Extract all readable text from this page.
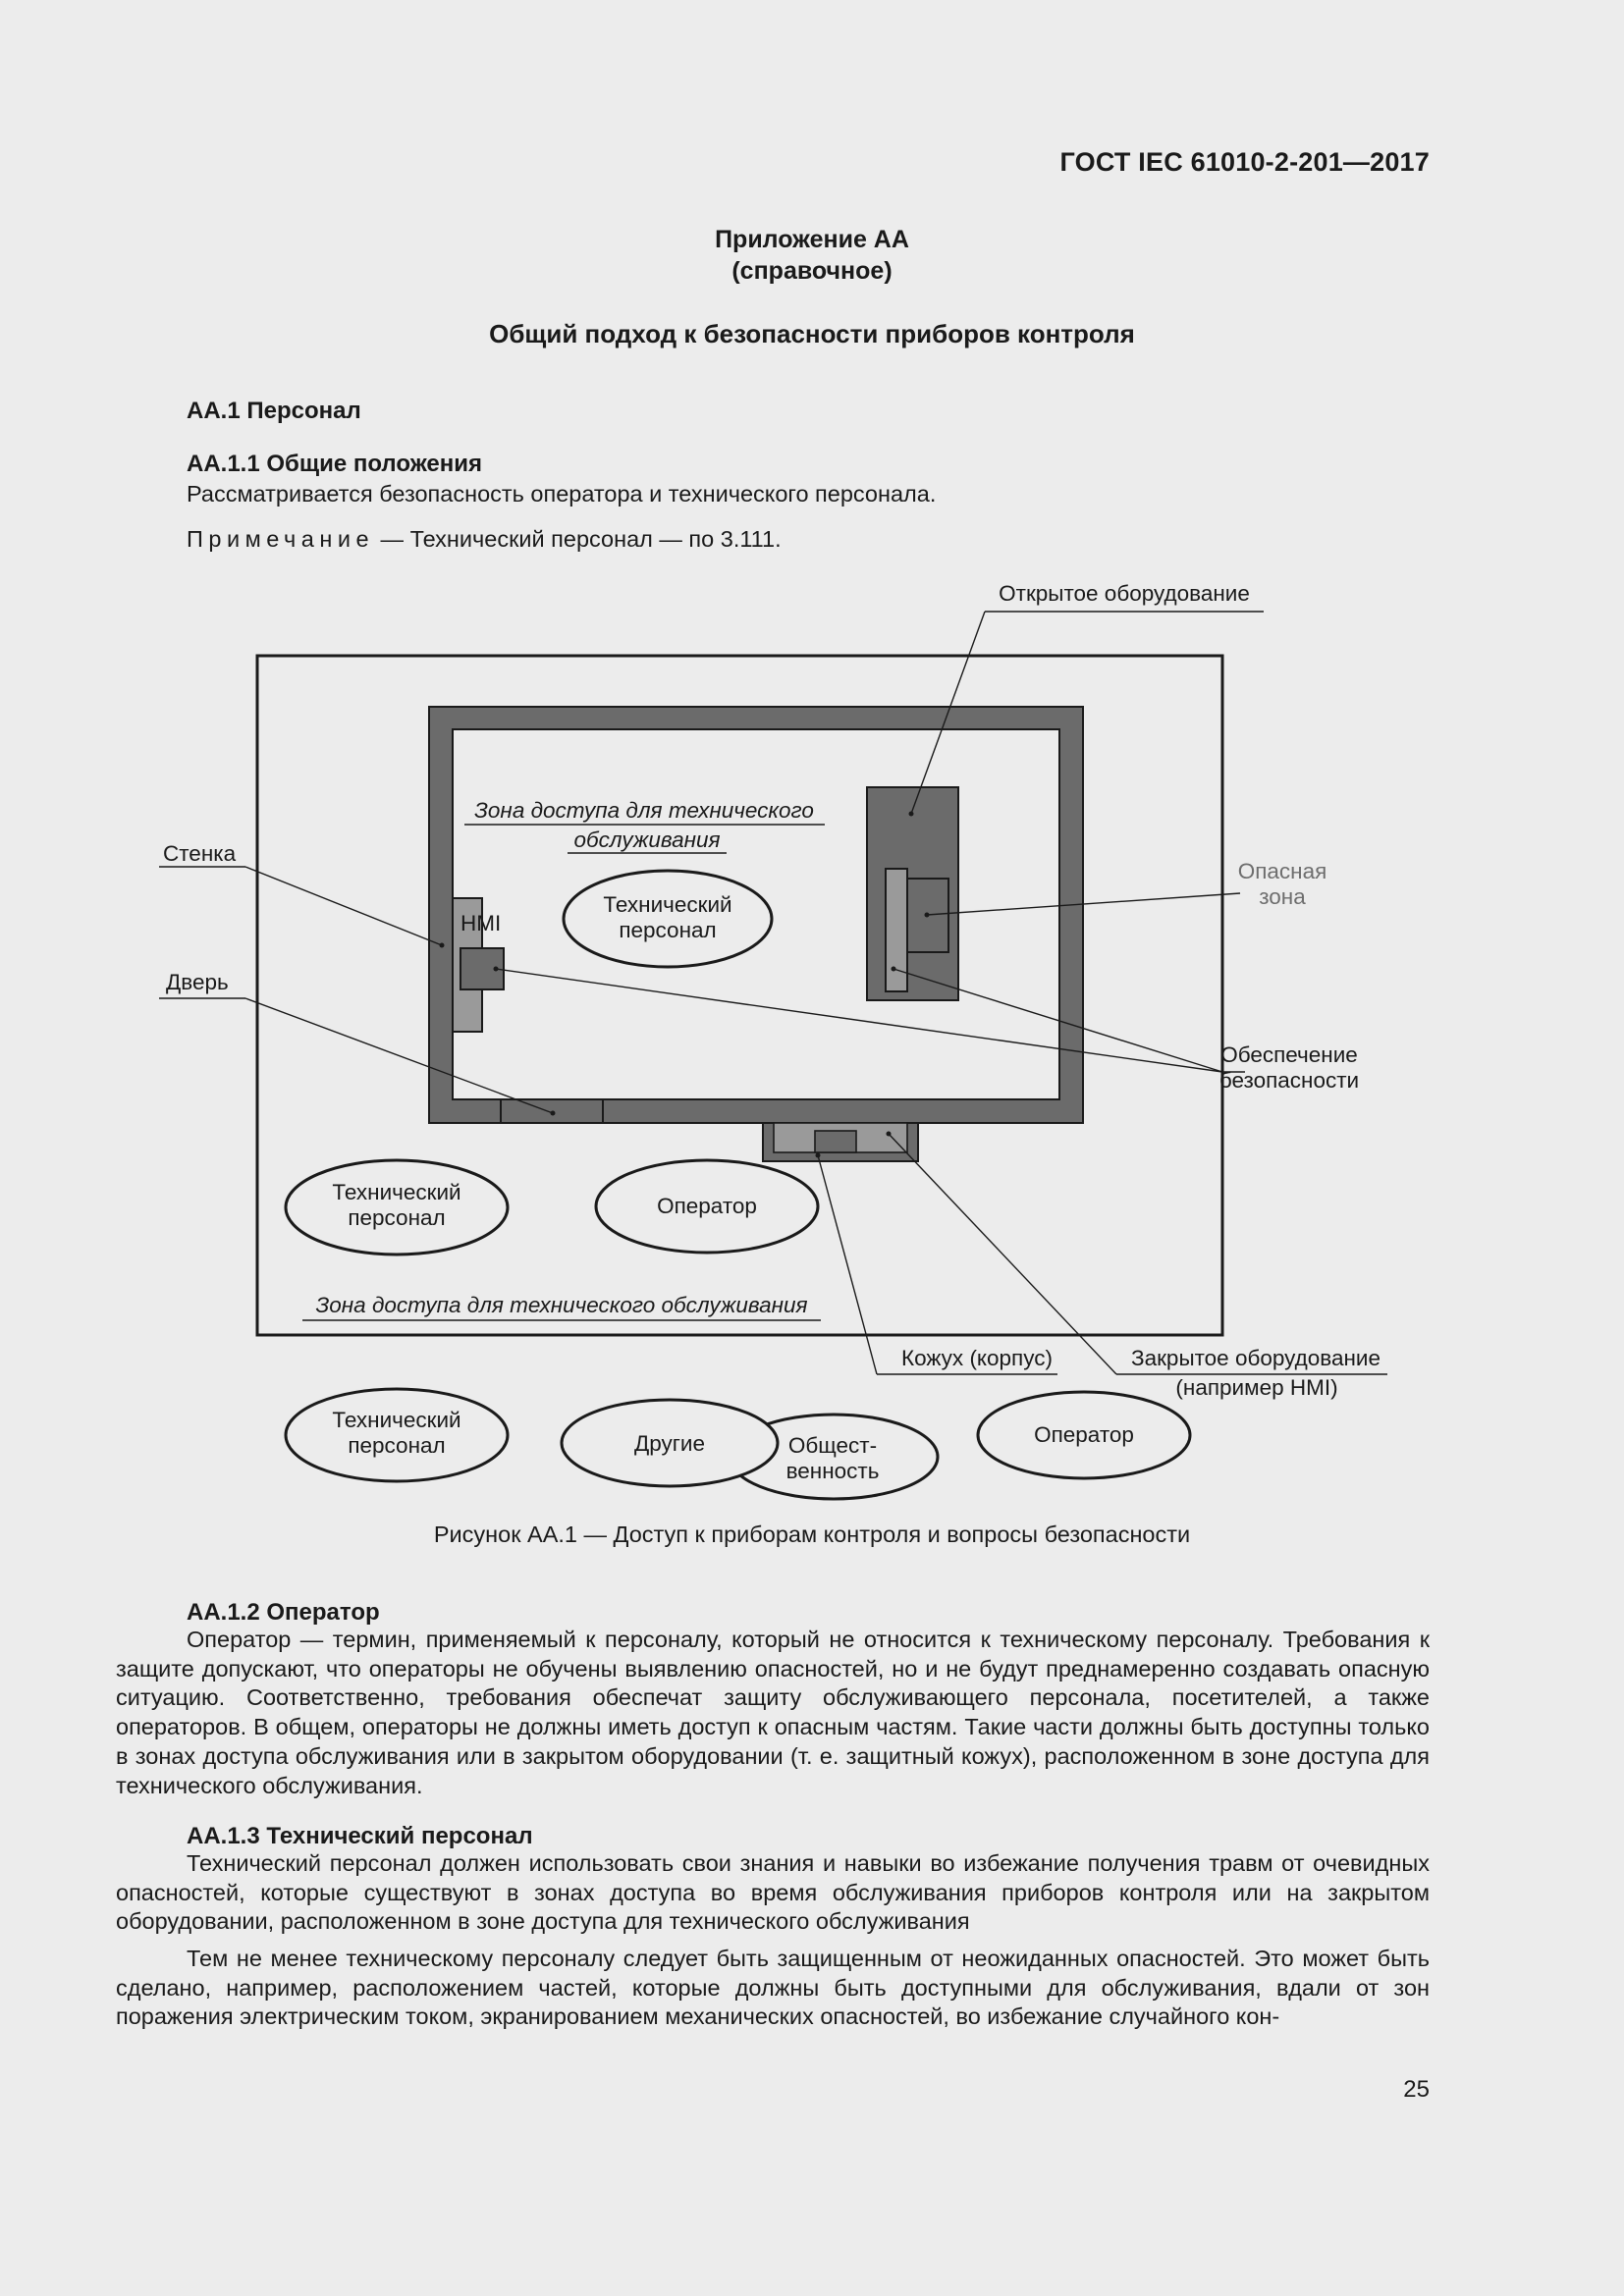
ГОСТ IEC 61010-2-201—2017
Приложение АА
(справочное)
Общий подход к безопасности приборов контроля
АА.1 Персонал
АА.1.1 Общие положения
Рассматривается безопасность оператора и технического персонала.
Примечание — Технический персонал — по 3.111.
Открытое оборудование
Зона доступа для технического
обслуживания
Стенка
Дверь
HMI
Технический
персонал
Опасная
зона
Обеспечение
безопасности
Технический
персонал	Оператор
Зона доступа для технического обслуживания
Кожух (корпус)	Закрытое оборудование
(например HMI)
Технический
персонал	Другие	Общест-
венность
Оператор
Рисунок АА.1 — Доступ к приборам контроля и вопросы безопасности
АА.1.2 Оператор

Оператор — термин, применяемый к персоналу, который не относится к техническому персоналу. Требования к защите допускают, что операторы не обучены выявлению опасностей, но и не будут преднамеренно создавать опасную ситуацию. Соответственно, требования обеспечат защиту обслуживающего персонала, посетителей, а также операторов. В общем, операторы не должны иметь доступ к опасным частям. Такие части должны быть доступны только в зонах доступа обслуживания или в закрытом оборудовании (т. е. защитный кожух), расположенном в зоне доступа для технического обслуживания.

АА.1.3 Технический персонал

Технический персонал должен использовать свои знания и навыки во избежание получения травм от очевидных опасностей, которые существуют в зонах доступа во время обслуживания приборов контроля или на закрытом оборудовании, расположенном в зоне доступа для технического обслуживания

Тем не менее техническому персоналу следует быть защищенным от неожиданных опасностей. Это может быть сделано, например, расположением частей, которые должны быть доступными для обслуживания, вдали от зон поражения электрическим током, экранированием механических опасностей, во избежание случайного кон-

25
